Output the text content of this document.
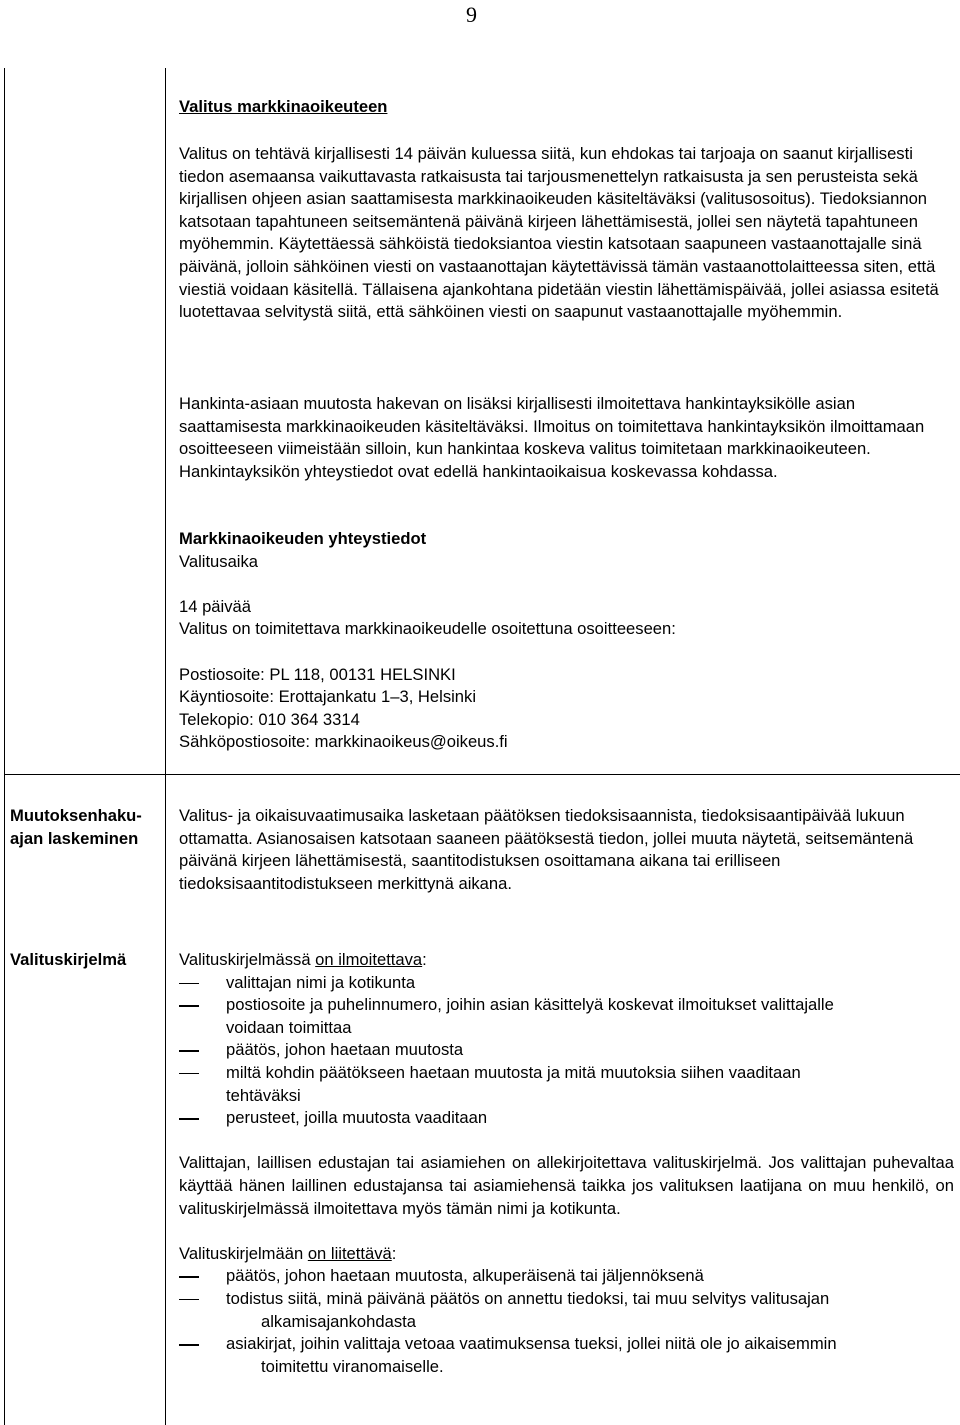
9
Valitus markkinaoikeuteen

Valitus on tehtävä kirjallisesti 14 päivän kuluessa siitä, kun ehdokas tai tarjoaja on saanut kirjallisesti tiedon asemaansa vaikuttavasta ratkaisusta tai tarjousmenettelyn ratkaisusta ja sen perusteista sekä kirjallisen ohjeen asian saattamisesta markkinaoikeuden käsiteltäväksi (valitusosoitus). Tiedoksiannon katsotaan tapahtuneen seitsemäntenä päivänä kirjeen lähettämisestä, jollei sen näytetä tapahtuneen myöhemmin. Käytettäessä sähköistä tiedoksiantoa viestin katsotaan saapuneen vastaanottajalle sinä päivänä, jolloin sähköinen viesti on vastaanottajan käytettävissä tämän vastaanottolaitteessa siten, että viestiä voidaan käsitellä. Tällaisena ajankohtana pidetään viestin lähettämispäivää, jollei asiassa esitetä luotettavaa selvitystä siitä, että sähköinen viesti on saapunut vastaanottajalle myöhemmin.

Hankinta-asiaan muutosta hakevan on lisäksi kirjallisesti ilmoitettava hankintayksikölle asian saattamisesta markkinaoikeuden käsiteltäväksi. Ilmoitus on toimitettava hankintayksikön ilmoittamaan osoitteeseen viimeistään silloin, kun hankintaa koskeva valitus toimitetaan markkinaoikeuteen. Hankintayksikön yhteystiedot ovat edellä hankintaoikaisua koskevassa kohdassa.

Markkinaoikeuden yhteystiedot

Valitusaika

14 päivää

Valitus on toimitettava markkinaoikeudelle osoitettuna osoitteeseen:

Postiosoite: PL 118, 00131 HELSINKI

Käyntiosoite: Erottajankatu 1–3, Helsinki

Telekopio: 010 364 3314

Sähköpostiosoite: markkinaoikeus@oikeus.fi

Muutoksenhaku-
ajan laskeminen

Valitus- ja oikaisuvaatimusaika lasketaan päätöksen tiedoksisaannista, tiedoksisaantipäivää lukuun ottamatta. Asianosaisen katsotaan saaneen päätöksestä tiedon, jollei muuta näytetä, seitsemäntenä päivänä kirjeen lähettämisestä, saantitodistuksen osoittamana aikana tai erilliseen tiedoksisaantitodistukseen merkittynä aikana.

Valituskirjelmä	Valituskirjelmässä on ilmoitettava:

valittajan nimi ja kotikunta
postiosoite ja puhelinnumero, joihin asian käsittelyä koskevat ilmoitukset valittajalle
voidaan toimittaa
päätös, johon haetaan muutosta
miltä kohdin päätökseen haetaan muutosta ja mitä muutoksia siihen vaaditaan
tehtäväksi
perusteet, joilla muutosta vaaditaan

Valittajan, laillisen edustajan tai asiamiehen on allekirjoitettava valituskirjelmä. Jos valittajan puhevaltaa käyttää hänen laillinen edustajansa tai asiamiehensä taikka jos valituksen laatijana on muu henkilö, on valituskirjelmässä ilmoitettava myös tämän nimi ja kotikunta.

Valituskirjelmään on liitettävä:

päätös, johon haetaan muutosta, alkuperäisenä tai jäljennöksenä
todistus siitä, minä päivänä päätös on annettu tiedoksi, tai muu selvitys valitusajan
alkamisajankohdasta
asiakirjat, joihin valittaja vetoaa vaatimuksensa tueksi, jollei niitä ole jo aikaisemmin
toimitettu viranomaiselle.
